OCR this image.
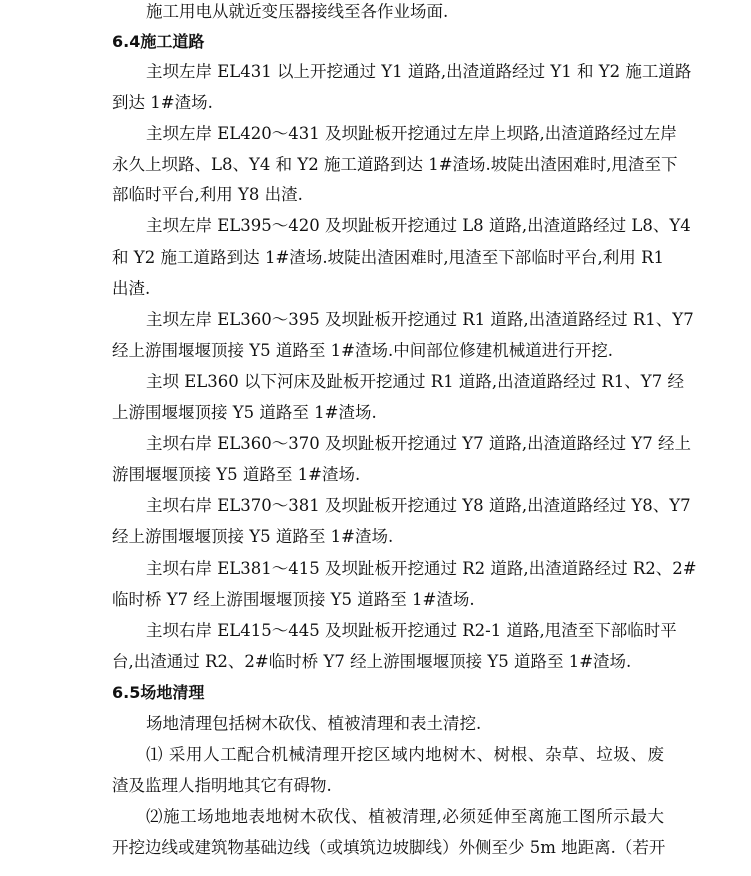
施工用电从就近变压器接线至各作业场面.
6.4施工道路
主坝左岸 EL431 以上开挖通过 Y1 道路,出渣道路经过 Y1 和 Y2 施工道路
到达 1#渣场.
主坝左岸 EL420～431 及坝趾板开挖通过左岸上坝路,出渣道路经过左岸
永久上坝路、L8、Y4 和 Y2 施工道路到达 1#渣场.坡陡出渣困难时,甩渣至下
部临时平台,利用 Y8 出渣.
主坝左岸 EL395～420 及坝趾板开挖通过 L8 道路,出渣道路经过 L8、Y4
和 Y2 施工道路到达 1#渣场.坡陡出渣困难时,甩渣至下部临时平台,利用 R1
出渣.
主坝左岸 EL360～395 及坝趾板开挖通过 R1 道路,出渣道路经过 R1、Y7
经上游围堰堰顶接 Y5 道路至 1#渣场.中间部位修建机械道进行开挖.
主坝 EL360 以下河床及趾板开挖通过 R1 道路,出渣道路经过 R1、Y7 经
上游围堰堰顶接 Y5 道路至 1#渣场.
主坝右岸 EL360～370 及坝趾板开挖通过 Y7 道路,出渣道路经过 Y7 经上
游围堰堰顶接 Y5 道路至 1#渣场.
主坝右岸 EL370～381 及坝趾板开挖通过 Y8 道路,出渣道路经过 Y8、Y7
经上游围堰堰顶接 Y5 道路至 1#渣场.
主坝右岸 EL381～415 及坝趾板开挖通过 R2 道路,出渣道路经过 R2、2#
临时桥 Y7 经上游围堰堰顶接 Y5 道路至 1#渣场.
主坝右岸 EL415～445 及坝趾板开挖通过 R2-1 道路,甩渣至下部临时平
台,出渣通过 R2、2#临时桥 Y7 经上游围堰堰顶接 Y5 道路至 1#渣场.
6.5场地清理
场地清理包括树木砍伐、植被清理和表土清挖.
⑴ 采用人工配合机械清理开挖区域内地树木、树根、杂草、垃圾、废
渣及监理人指明地其它有碍物.
⑵施工场地地表地树木砍伐、植被清理,必须延伸至离施工图所示最大
开挖边线或建筑物基础边线（或填筑边坡脚线）外侧至少 5m 地距离.（若开
